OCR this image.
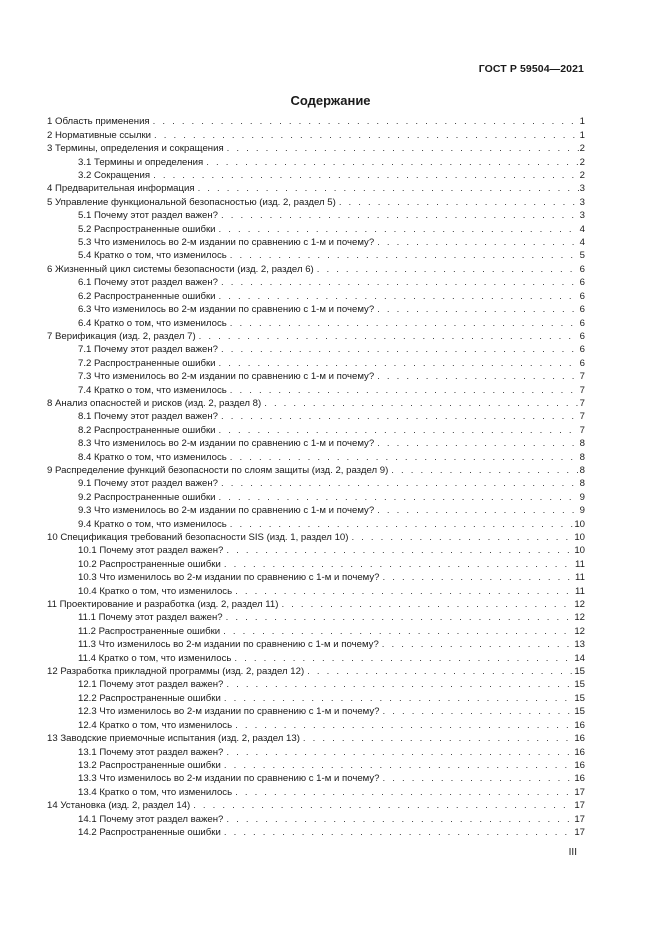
ГОСТ Р 59504—2021
Содержание
1 Область применения . . .	1
2 Нормативные ссылки . . .	1
3 Термины, определения и сокращения . . .	2
3.1 Термины и определения . . .	2
3.2 Сокращения . . .	2
4 Предварительная информация . . .	3
5 Управление функциональной безопасностью (изд. 2, раздел 5) . . .	3
5.1 Почему этот раздел важен? . . .	3
5.2 Распространенные ошибки . . .	4
5.3 Что изменилось во 2-м издании по сравнению с 1-м и почему? . . .	4
5.4 Кратко о том, что изменилось . . .	5
6 Жизненный цикл системы безопасности (изд. 2, раздел 6) . . .	6
6.1 Почему этот раздел важен? . . .	6
6.2 Распространенные ошибки . . .	6
6.3 Что изменилось во 2-м издании по сравнению с 1-м и почему? . . .	6
6.4 Кратко о том, что изменилось . . .	6
7 Верификация (изд. 2, раздел 7) . . .	6
7.1 Почему этот раздел важен? . . .	6
7.2 Распространенные ошибки . . .	6
7.3 Что изменилось во 2-м издании по сравнению с 1-м и почему? . . .	7
7.4 Кратко о том, что изменилось . . .	7
8 Анализ опасностей и рисков (изд. 2, раздел 8) . . .	7
8.1 Почему этот раздел важен? . . .	7
8.2 Распространенные ошибки . . .	7
8.3 Что изменилось во 2-м издании по сравнению с 1-м и почему? . . .	8
8.4 Кратко о том, что изменилось . . .	8
9 Распределение функций безопасности по слоям защиты (изд. 2, раздел 9) . . .	8
9.1 Почему этот раздел важен? . . .	8
9.2 Распространенные ошибки . . .	9
9.3 Что изменилось во 2-м издании по сравнению с 1-м и почему? . . .	9
9.4 Кратко о том, что изменилось . . .	10
10 Спецификация требований безопасности SIS (изд. 1, раздел 10) . . .	10
10.1 Почему этот раздел важен? . . .	10
10.2 Распространенные ошибки . . .	11
10.3 Что изменилось во 2-м издании по сравнению с 1-м и почему? . . .	11
10.4 Кратко о том, что изменилось . . .	11
11 Проектирование и разработка (изд. 2, раздел 11) . . .	12
11.1 Почему этот раздел важен? . . .	12
11.2 Распространенные ошибки . . .	12
11.3 Что изменилось во 2-м издании по сравнению с 1-м и почему? . . .	13
11.4 Кратко о том, что изменилось . . .	14
12 Разработка прикладной программы (изд. 2, раздел 12) . . .	15
12.1 Почему этот раздел важен? . . .	15
12.2 Распространенные ошибки . . .	15
12.3 Что изменилось во 2-м издании по сравнению с 1-м и почему? . . .	15
12.4 Кратко о том, что изменилось . . .	16
13 Заводские приемочные испытания (изд. 2, раздел 13) . . .	16
13.1 Почему этот раздел важен? . . .	16
13.2 Распространенные ошибки . . .	16
13.3 Что изменилось во 2-м издании по сравнению с 1-м и почему? . . .	16
13.4 Кратко о том, что изменилось . . .	17
14 Установка (изд. 2, раздел 14) . . .	17
14.1 Почему этот раздел важен? . . .	17
14.2 Распространенные ошибки . . .	17
III
